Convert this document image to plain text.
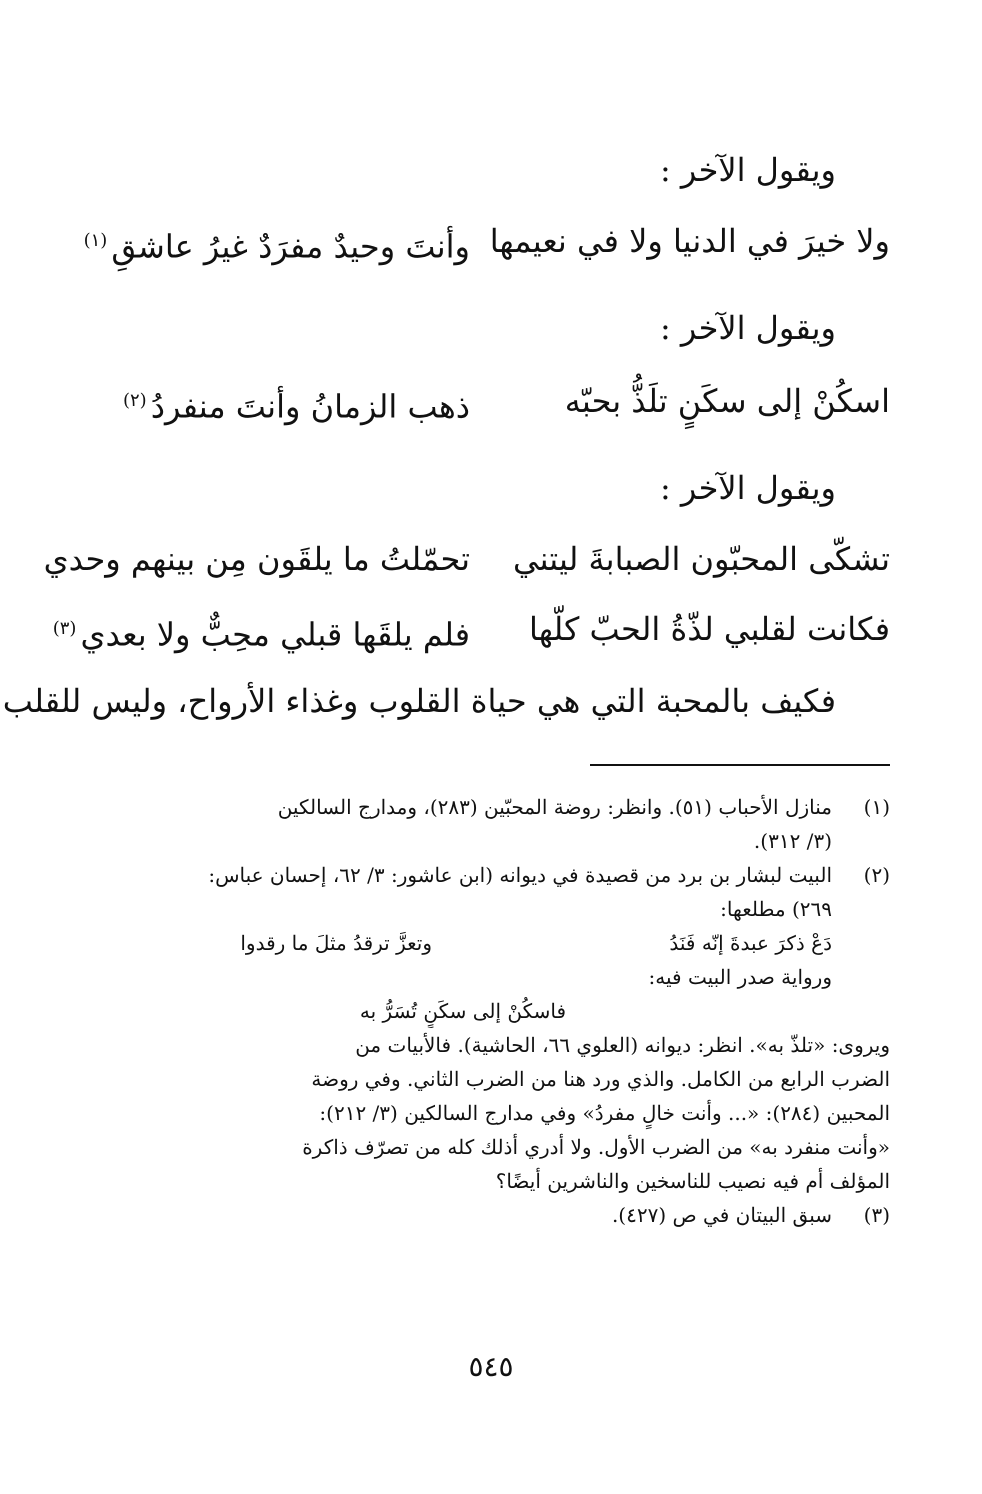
ويقول الآخر :
ولا خيرَ في الدنيا ولا في نعيمها
وأنتَ وحيدٌ مفرَدٌ غيرُ عاشقِ$^{(١)}$
ويقول الآخر :
اسكُنْ إلى سكَنٍ تلَذُّ بحبّه
ذهب الزمانُ وأنتَ منفردُ$^{(٢)}$
ويقول الآخر :
تشكّى المحبّون الصبابةَ ليتني
تحمّلتُ ما يلقَون مِن بينهم وحدي
فكانت لقلبي لذّةُ الحبّ كلّها
فلم يلقَها قبلي محِبٌّ ولا بعدي$^{(٣)}$
فكيف بالمحبة التي هي حياة القلوب وغذاء الأرواح، وليس للقلب
(١)
منازل الأحباب (٥١). وانظر: روضة المحبّين (٢٨٣)، ومدارج السالكين
(٣/ ٣١٢).
(٢)
البيت لبشار بن برد من قصيدة في ديوانه (ابن عاشور: ٣/ ٦٢، إحسان عباس:
٢٦٩) مطلعها:
دَعْ ذكرَ عبدةَ إنّه فَنَدُ
وتعزَّ ترقدُ مثلَ ما رقدوا
ورواية صدر البيت فيه:
فاسكُنْ إلى سكَنٍ تُسَرُّ به
ويروى: «تلذّ به». انظر: ديوانه (العلوي ٦٦، الحاشية). فالأبيات من
الضرب الرابع من الكامل. والذي ورد هنا من الضرب الثاني. وفي روضة
المحبين (٢٨٤): «... وأنت خالٍ مفردُ» وفي مدارج السالكين (٣/ ٢١٢):
«وأنت منفرد به» من الضرب الأول. ولا أدري أذلك كله من تصرّف ذاكرة
المؤلف أم فيه نصيب للناسخين والناشرين أيضًا؟
(٣)
سبق البيتان في ص (٤٢٧).
٥٤٥
